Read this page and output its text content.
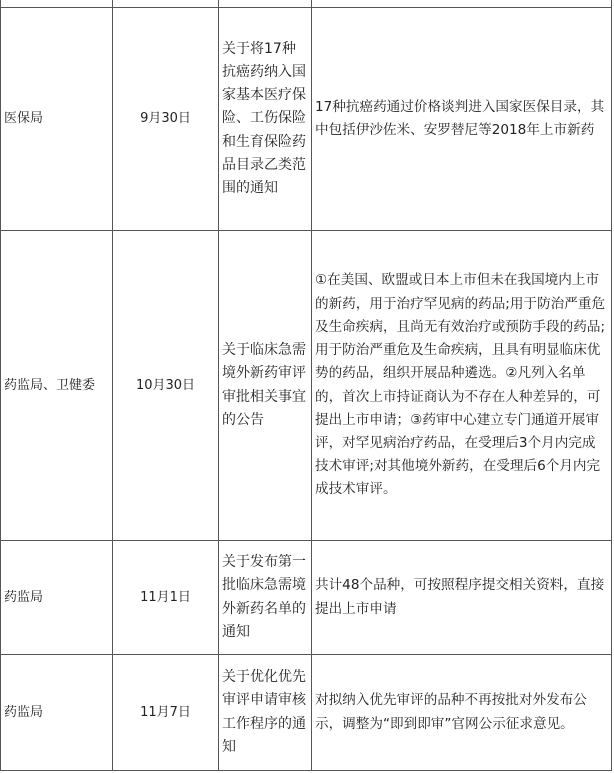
医保局	9月30日	关于将17种抗癌药纳入国家基本医疗保险、工伤保险和生育保险药品目录乙类范围的通知	17种抗癌药通过价格谈判进入国家医保目录，其中包括伊沙佐米、安罗替尼等2018年上市新药
药监局、卫健委	10月30日	关于临床急需境外新药审评审批相关事宜的公告	①在美国、欧盟或日本上市但未在我国境内上市的新药，用于治疗罕见病的药品;用于防治严重危及生命疾病，且尚无有效治疗或预防手段的药品;用于防治严重危及生命疾病，且具有明显临床优势的药品，组织开展品种遴选。②凡列入名单的，首次上市持证商认为不存在人种差异的，可提出上市申请；③药审中心建立专门通道开展审评，对罕见病治疗药品，在受理后3个月内完成技术审评;对其他境外新药，在受理后6个月内完成技术审评。
药监局	11月1日	关于发布第一批临床急需境外新药名单的通知	共计48个品种，可按照程序提交相关资料，直接提出上市申请
药监局	11月7日	关于优化优先审评申请审核工作程序的通知	对拟纳入优先审评的品种不再按批对外发布公示，调整为“即到即审”官网公示征求意见。
